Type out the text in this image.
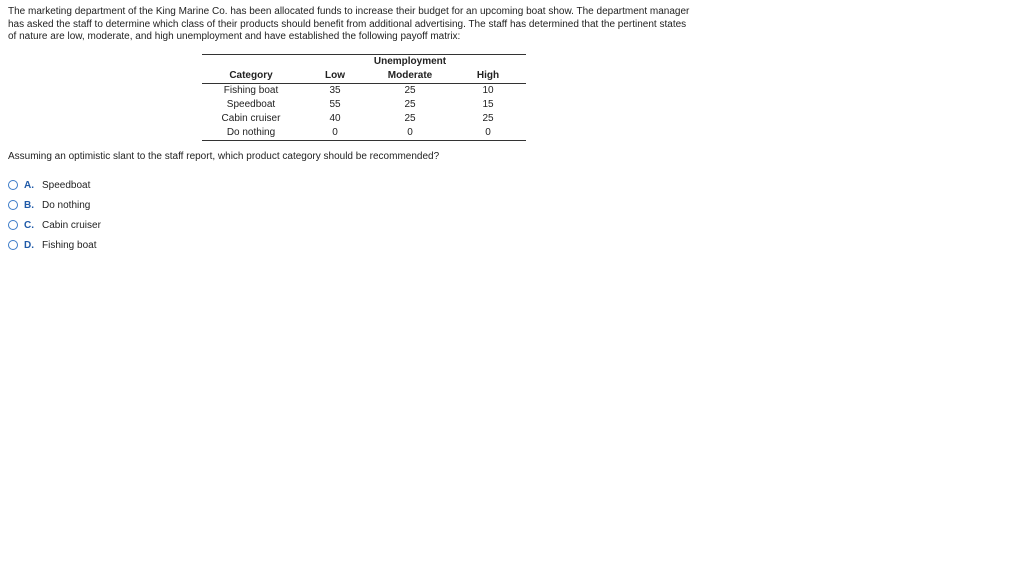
The marketing department of the King Marine Co. has been allocated funds to increase their budget for an upcoming boat show. The department manager
has asked the staff to determine which class of their products should benefit from additional advertising. The staff has determined that the pertinent states
of nature are low, moderate, and high unemployment and have established the following payoff matrix:

		Unemployment	
Category	Low	Moderate	High
Fishing boat	35	25	10
Speedboat	55	25	15
Cabin cruiser	40	25	25
Do nothing	0	0	0

Assuming an optimistic slant to the staff report, which product category should be recommended?

A. Speedboat
B. Do nothing
C. Cabin cruiser
D. Fishing boat
